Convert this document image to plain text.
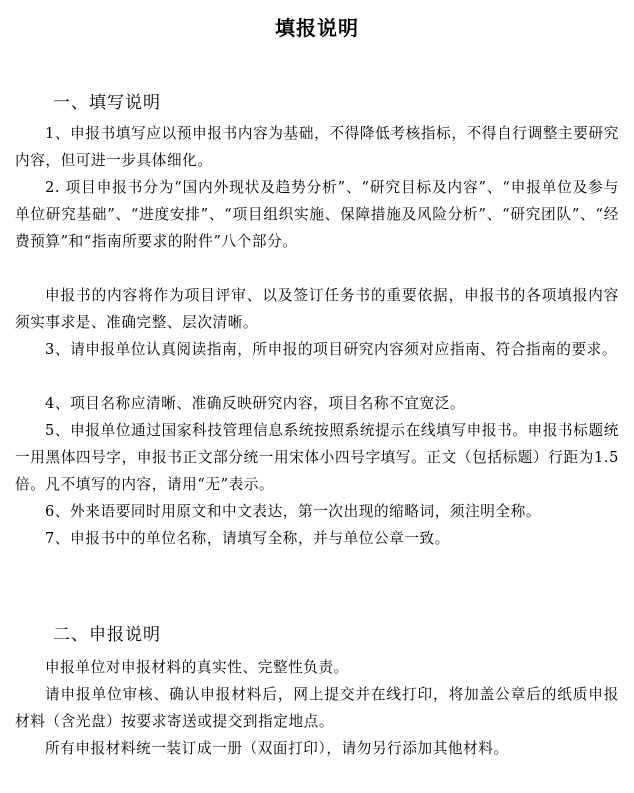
填报说明
一、填写说明

1、申报书填写应以预申报书内容为基础，不得降低考核指标，不得自行调整主要研究内容，但可进一步具体细化。

2. 项目申报书分为“国内外现状及趋势分析”、“研究目标及内容”、“申报单位及参与单位研究基础”、“进度安排”、“项目组织实施、保障措施及风险分析”、“研究团队”、“经费预算”和“指南所要求的附件”八个部分。

申报书的内容将作为项目评审、以及签订任务书的重要依据，申报书的各项填报内容须实事求是、准确完整、层次清晰。

3、请申报单位认真阅读指南，所申报的项目研究内容须对应指南、符合指南的要求。

4、项目名称应清晰、准确反映研究内容，项目名称不宜宽泛。

5、申报单位通过国家科技管理信息系统按照系统提示在线填写申报书。申报书标题统一用黑体四号字，申报书正文部分统一用宋体小四号字填写。正文（包括标题）行距为1.5倍。凡不填写的内容，请用“无”表示。

6、外来语要同时用原文和中文表达，第一次出现的缩略词，须注明全称。

7、申报书中的单位名称，请填写全称，并与单位公章一致。

二、申报说明

申报单位对申报材料的真实性、完整性负责。

请申报单位审核、确认申报材料后，网上提交并在线打印，将加盖公章后的纸质申报材料（含光盘）按要求寄送或提交到指定地点。

所有申报材料统一装订成一册（双面打印），请勿另行添加其他材料。
